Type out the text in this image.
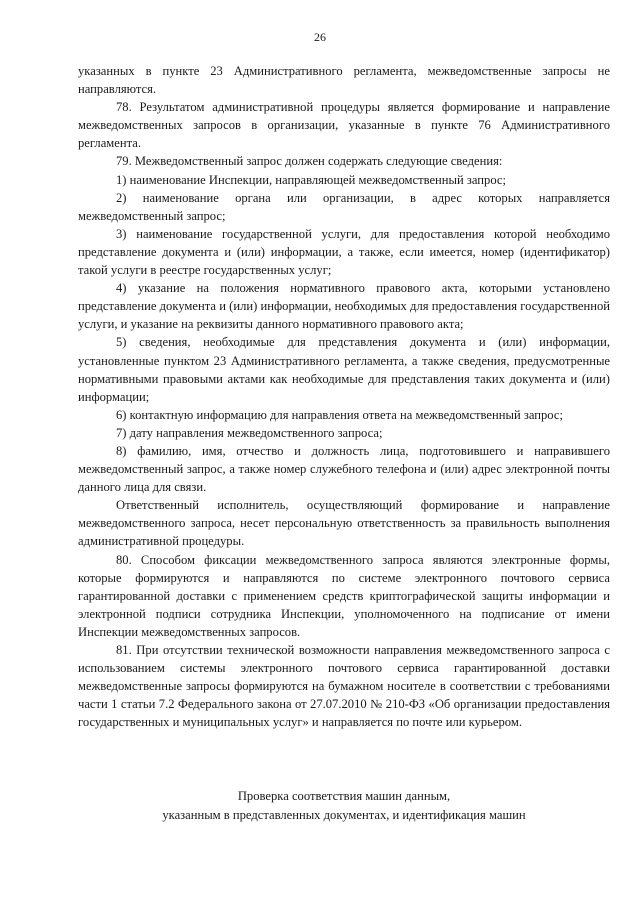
26

указанных в пункте 23 Административного регламента, межведомственные запросы не направляются.

78. Результатом административной процедуры является формирование и направление межведомственных запросов в организации, указанные в пункте 76 Административного регламента.

79. Межведомственный запрос должен содержать следующие сведения:

1) наименование Инспекции, направляющей межведомственный запрос;

2) наименование органа или организации, в адрес которых направляется межведомственный запрос;

3) наименование государственной услуги, для предоставления которой необходимо представление документа и (или) информации, а также, если имеется, номер (идентификатор) такой услуги в реестре государственных услуг;

4) указание на положения нормативного правового акта, которыми установлено представление документа и (или) информации, необходимых для предоставления государственной услуги, и указание на реквизиты данного нормативного правового акта;

5) сведения, необходимые для представления документа и (или) информации, установленные пунктом 23 Административного регламента, а также сведения, предусмотренные нормативными правовыми актами как необходимые для представления таких документа и (или) информации;

6) контактную информацию для направления ответа на межведомственный запрос;

7) дату направления межведомственного запроса;

8) фамилию, имя, отчество и должность лица, подготовившего и направившего межведомственный запрос, а также номер служебного телефона и (или) адрес электронной почты данного лица для связи.

Ответственный исполнитель, осуществляющий формирование и направление межведомственного запроса, несет персональную ответственность за правильность выполнения административной процедуры.

80. Способом фиксации межведомственного запроса являются электронные формы, которые формируются и направляются по системе электронного почтового сервиса гарантированной доставки с применением средств криптографической защиты информации и электронной подписи сотрудника Инспекции, уполномоченного на подписание от имени Инспекции межведомственных запросов.

81. При отсутствии технической возможности направления межведомственного запроса с использованием системы электронного почтового сервиса гарантированной доставки межведомственные запросы формируются на бумажном носителе в соответствии с требованиями части 1 статьи 7.2 Федерального закона от 27.07.2010 № 210-ФЗ «Об организации предоставления государственных и муниципальных услуг» и направляется по почте или курьером.

Проверка соответствия машин данным,
указанным в представленных документах, и идентификация машин
